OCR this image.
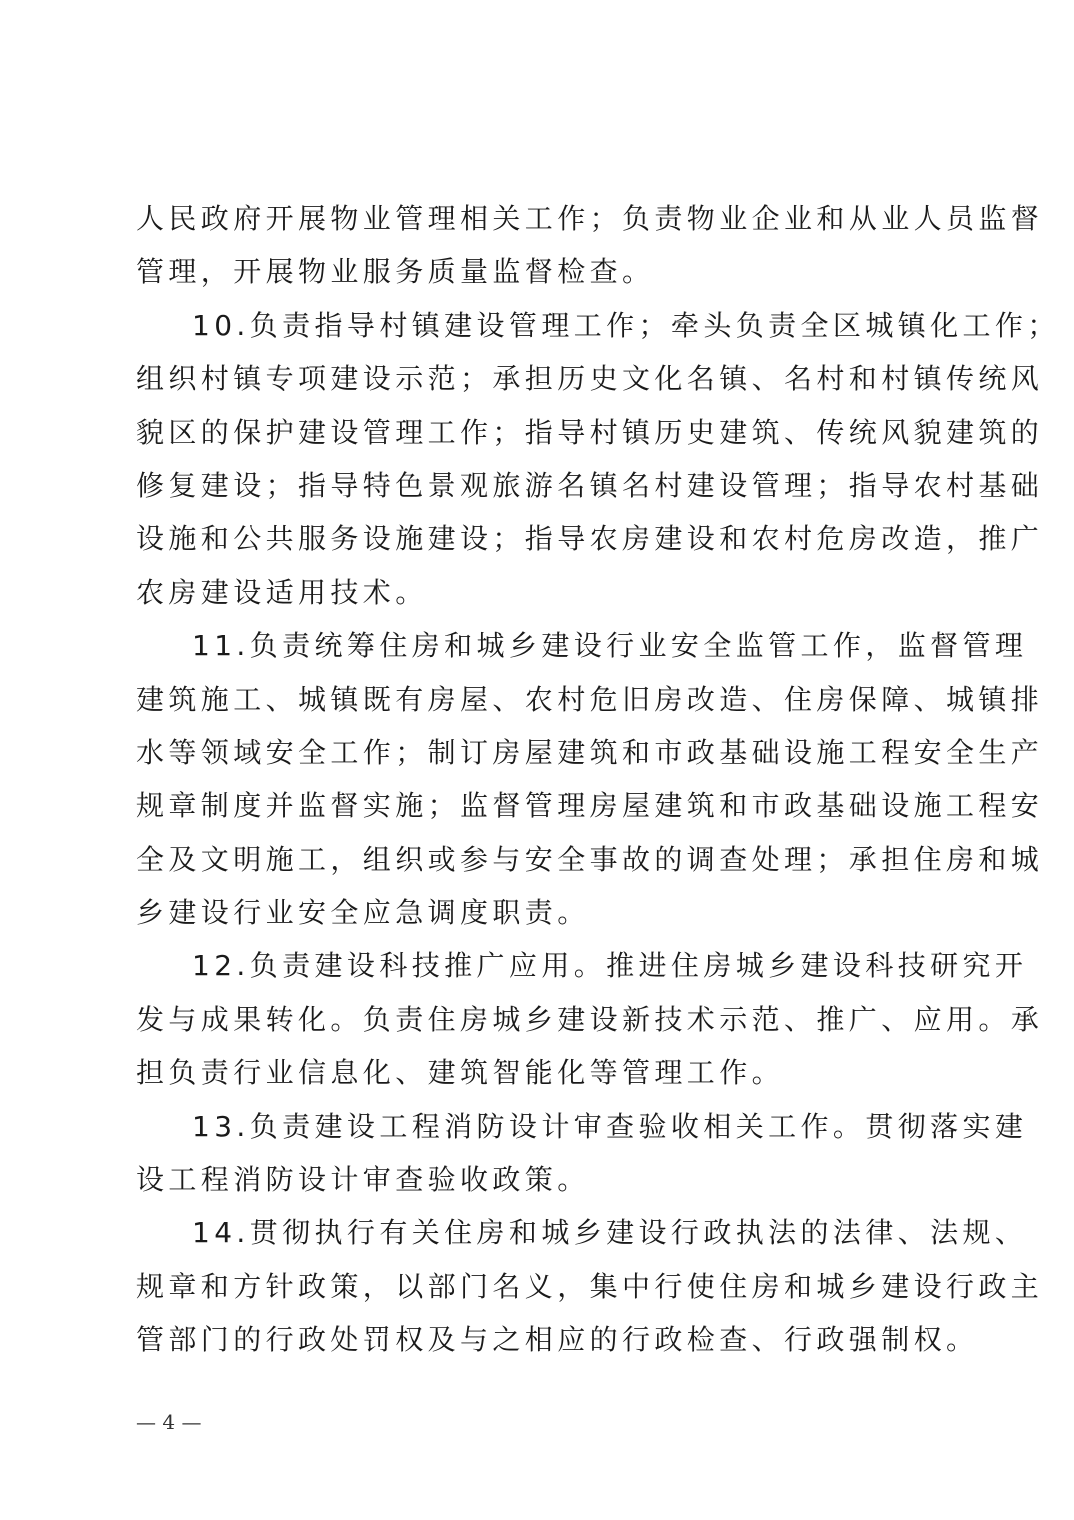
人民政府开展物业管理相关工作；负责物业企业和从业人员监督
管理，开展物业服务质量监督检查。
10.负责指导村镇建设管理工作；牵头负责全区城镇化工作；
组织村镇专项建设示范；承担历史文化名镇、名村和村镇传统风
貌区的保护建设管理工作；指导村镇历史建筑、传统风貌建筑的
修复建设；指导特色景观旅游名镇名村建设管理；指导农村基础
设施和公共服务设施建设；指导农房建设和农村危房改造，推广
农房建设适用技术。
11.负责统筹住房和城乡建设行业安全监管工作，监督管理
建筑施工、城镇既有房屋、农村危旧房改造、住房保障、城镇排
水等领域安全工作；制订房屋建筑和市政基础设施工程安全生产
规章制度并监督实施；监督管理房屋建筑和市政基础设施工程安
全及文明施工，组织或参与安全事故的调查处理；承担住房和城
乡建设行业安全应急调度职责。
12.负责建设科技推广应用。推进住房城乡建设科技研究开
发与成果转化。负责住房城乡建设新技术示范、推广、应用。承
担负责行业信息化、建筑智能化等管理工作。
13.负责建设工程消防设计审查验收相关工作。贯彻落实建
设工程消防设计审查验收政策。
14.贯彻执行有关住房和城乡建设行政执法的法律、法规、
规章和方针政策，以部门名义，集中行使住房和城乡建设行政主
管部门的行政处罚权及与之相应的行政检查、行政强制权。
— 4 —
